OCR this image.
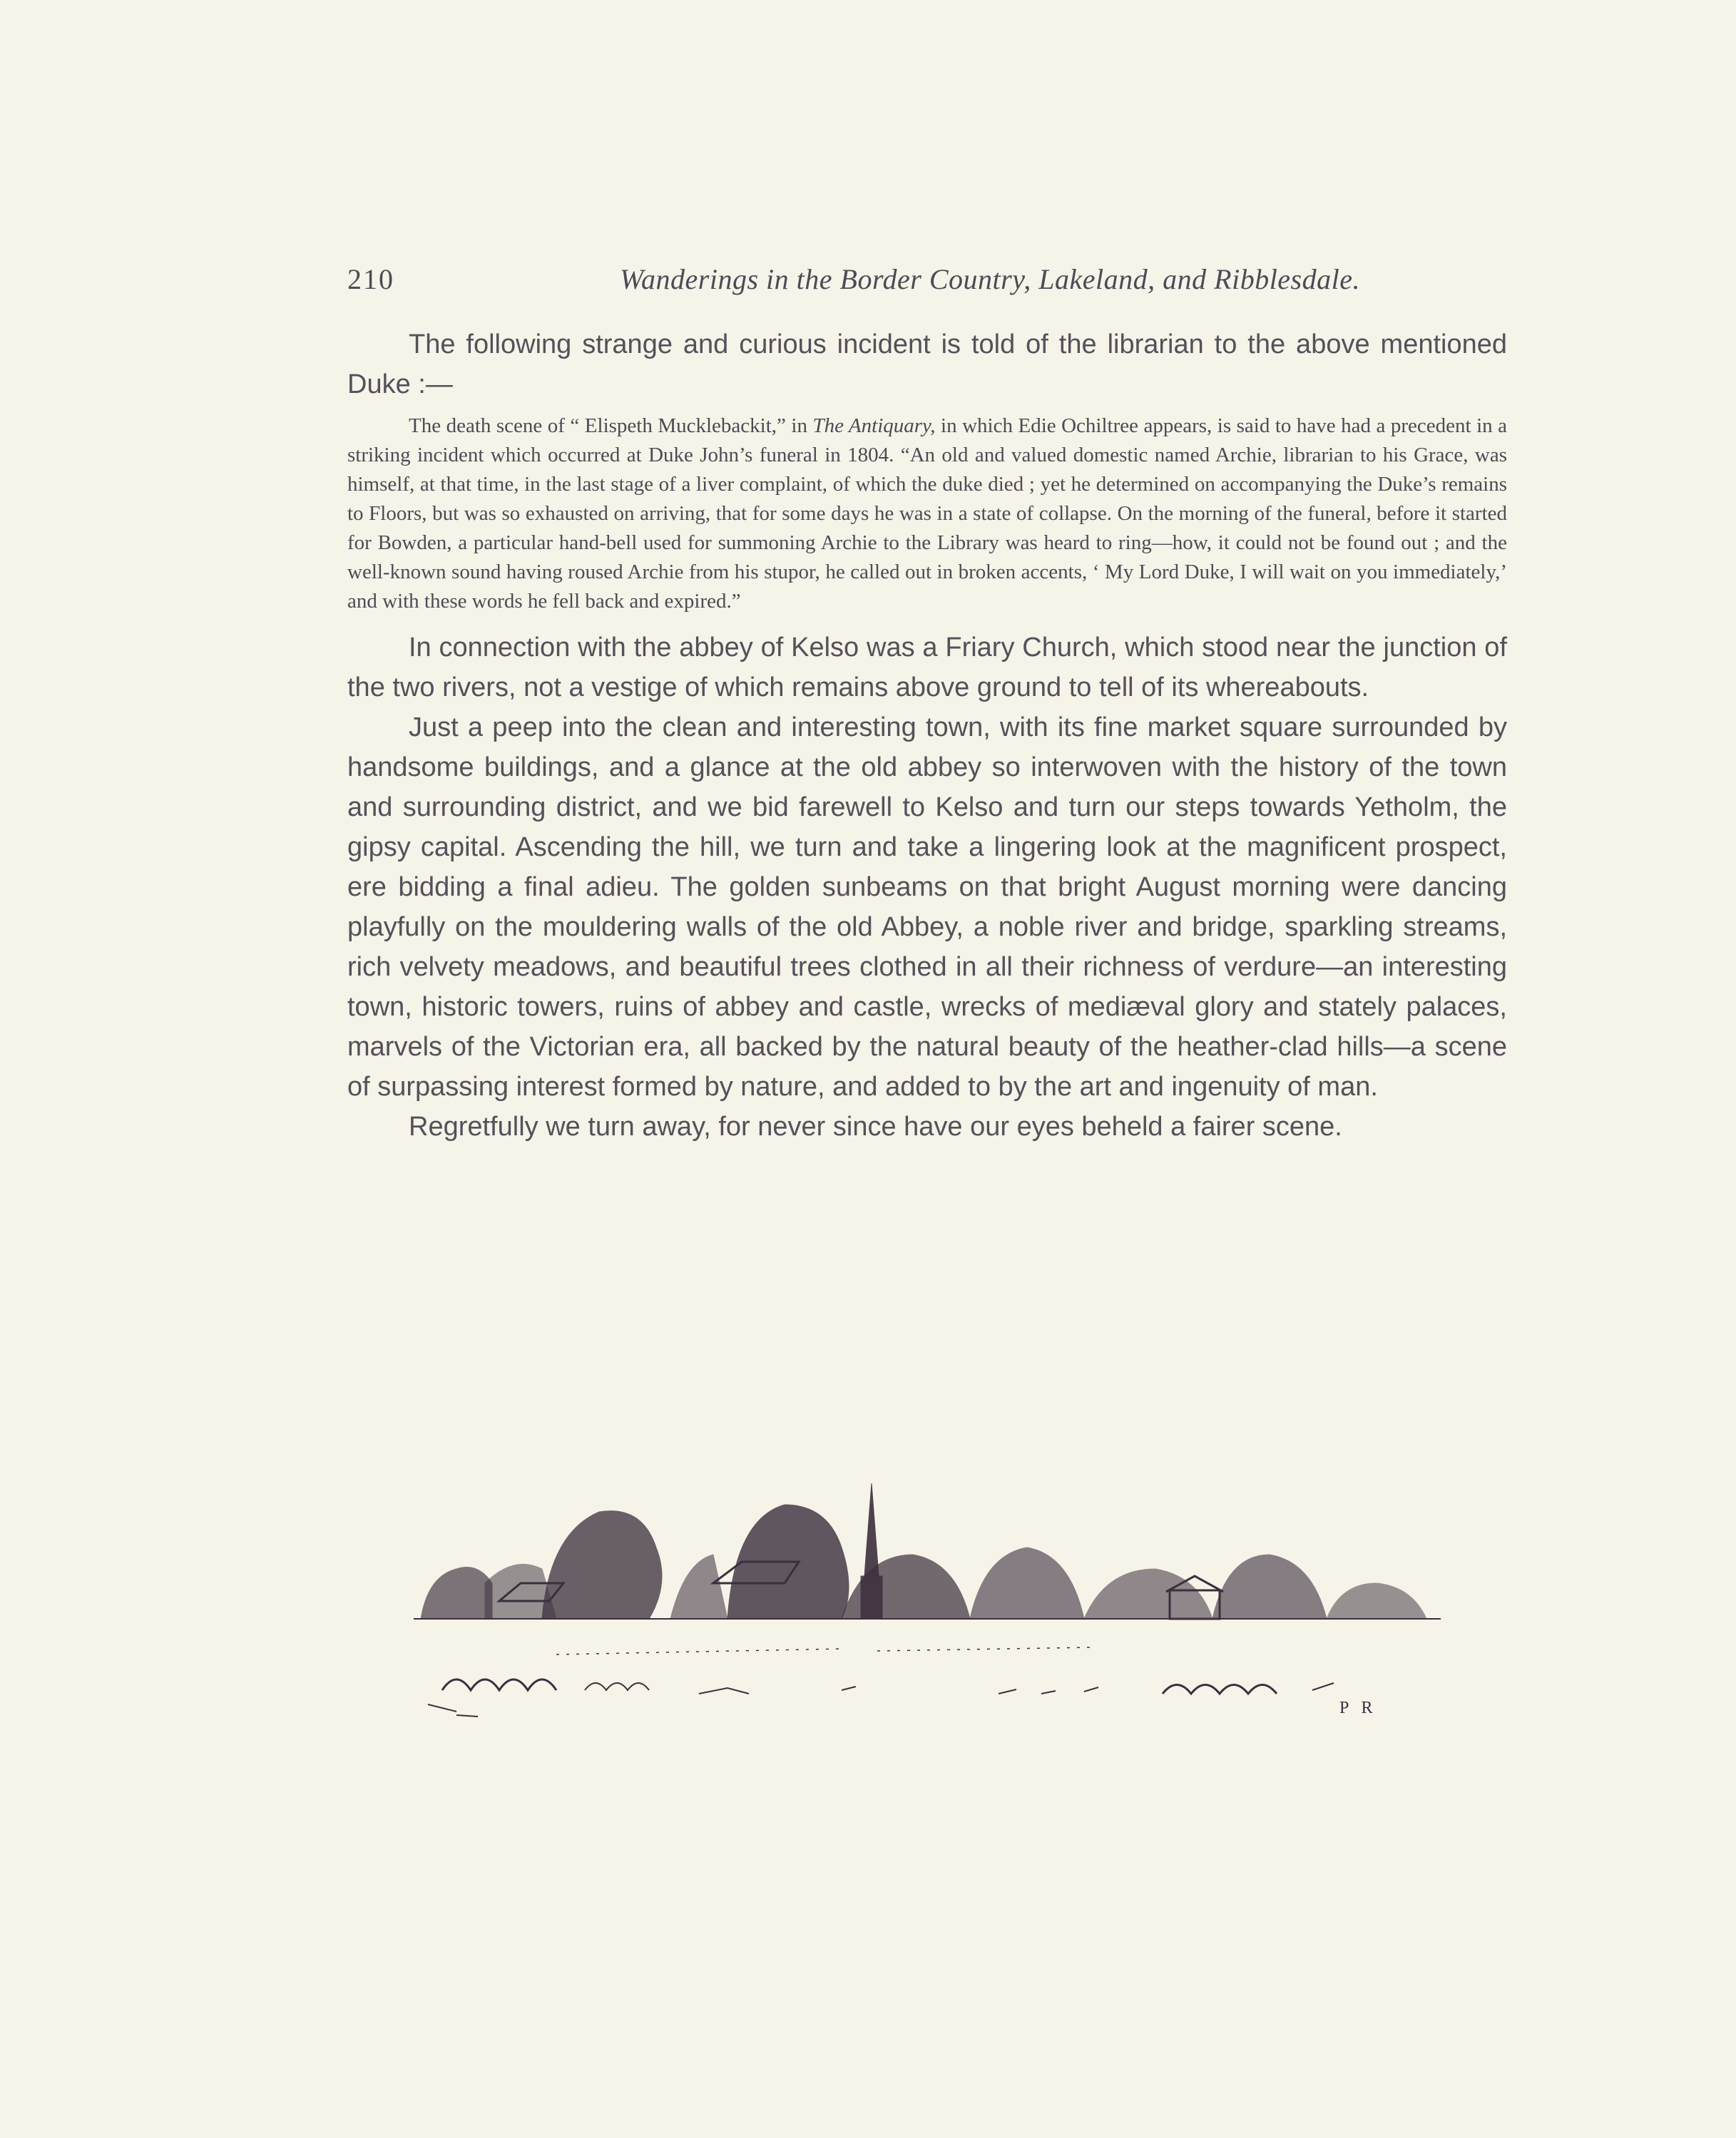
210	Wanderings in the Border Country, Lakeland, and Ribblesdale.

The following strange and curious incident is told of the librarian to the above mentioned Duke :—

The death scene of “ Elispeth Mucklebackit,” in The Antiquary, in which Edie Ochiltree appears, is said to have had a precedent in a striking incident which occurred at Duke John’s funeral in 1804. “An old and valued domestic named Archie, librarian to his Grace, was himself, at that time, in the last stage of a liver complaint, of which the duke died ; yet he determined on accompanying the Duke’s remains to Floors, but was so exhausted on arriving, that for some days he was in a state of collapse. On the morning of the funeral, before it started for Bowden, a particular hand-bell used for summoning Archie to the Library was heard to ring—how, it could not be found out ; and the well-known sound having roused Archie from his stupor, he called out in broken accents, ‘ My Lord Duke, I will wait on you immediately,’ and with these words he fell back and expired.”

In connection with the abbey of Kelso was a Friary Church, which stood near the junction of the two rivers, not a vestige of which remains above ground to tell of its whereabouts.

Just a peep into the clean and interesting town, with its fine market square surrounded by handsome buildings, and a glance at the old abbey so interwoven with the history of the town and surrounding district, and we bid farewell to Kelso and turn our steps towards Yetholm, the gipsy capital. Ascending the hill, we turn and take a lingering look at the magnificent prospect, ere bidding a final adieu. The golden sunbeams on that bright August morning were dancing playfully on the mouldering walls of the old Abbey, a noble river and bridge, sparkling streams, rich velvety meadows, and beautiful trees clothed in all their richness of verdure—an interesting town, historic towers, ruins of abbey and castle, wrecks of mediæval glory and stately palaces, marvels of the Victorian era, all backed by the natural beauty of the heather-clad hills—a scene of surpassing interest formed by nature, and added to by the art and ingenuity of man.

Regretfully we turn away, for never since have our eyes beheld a fairer scene.

P R
